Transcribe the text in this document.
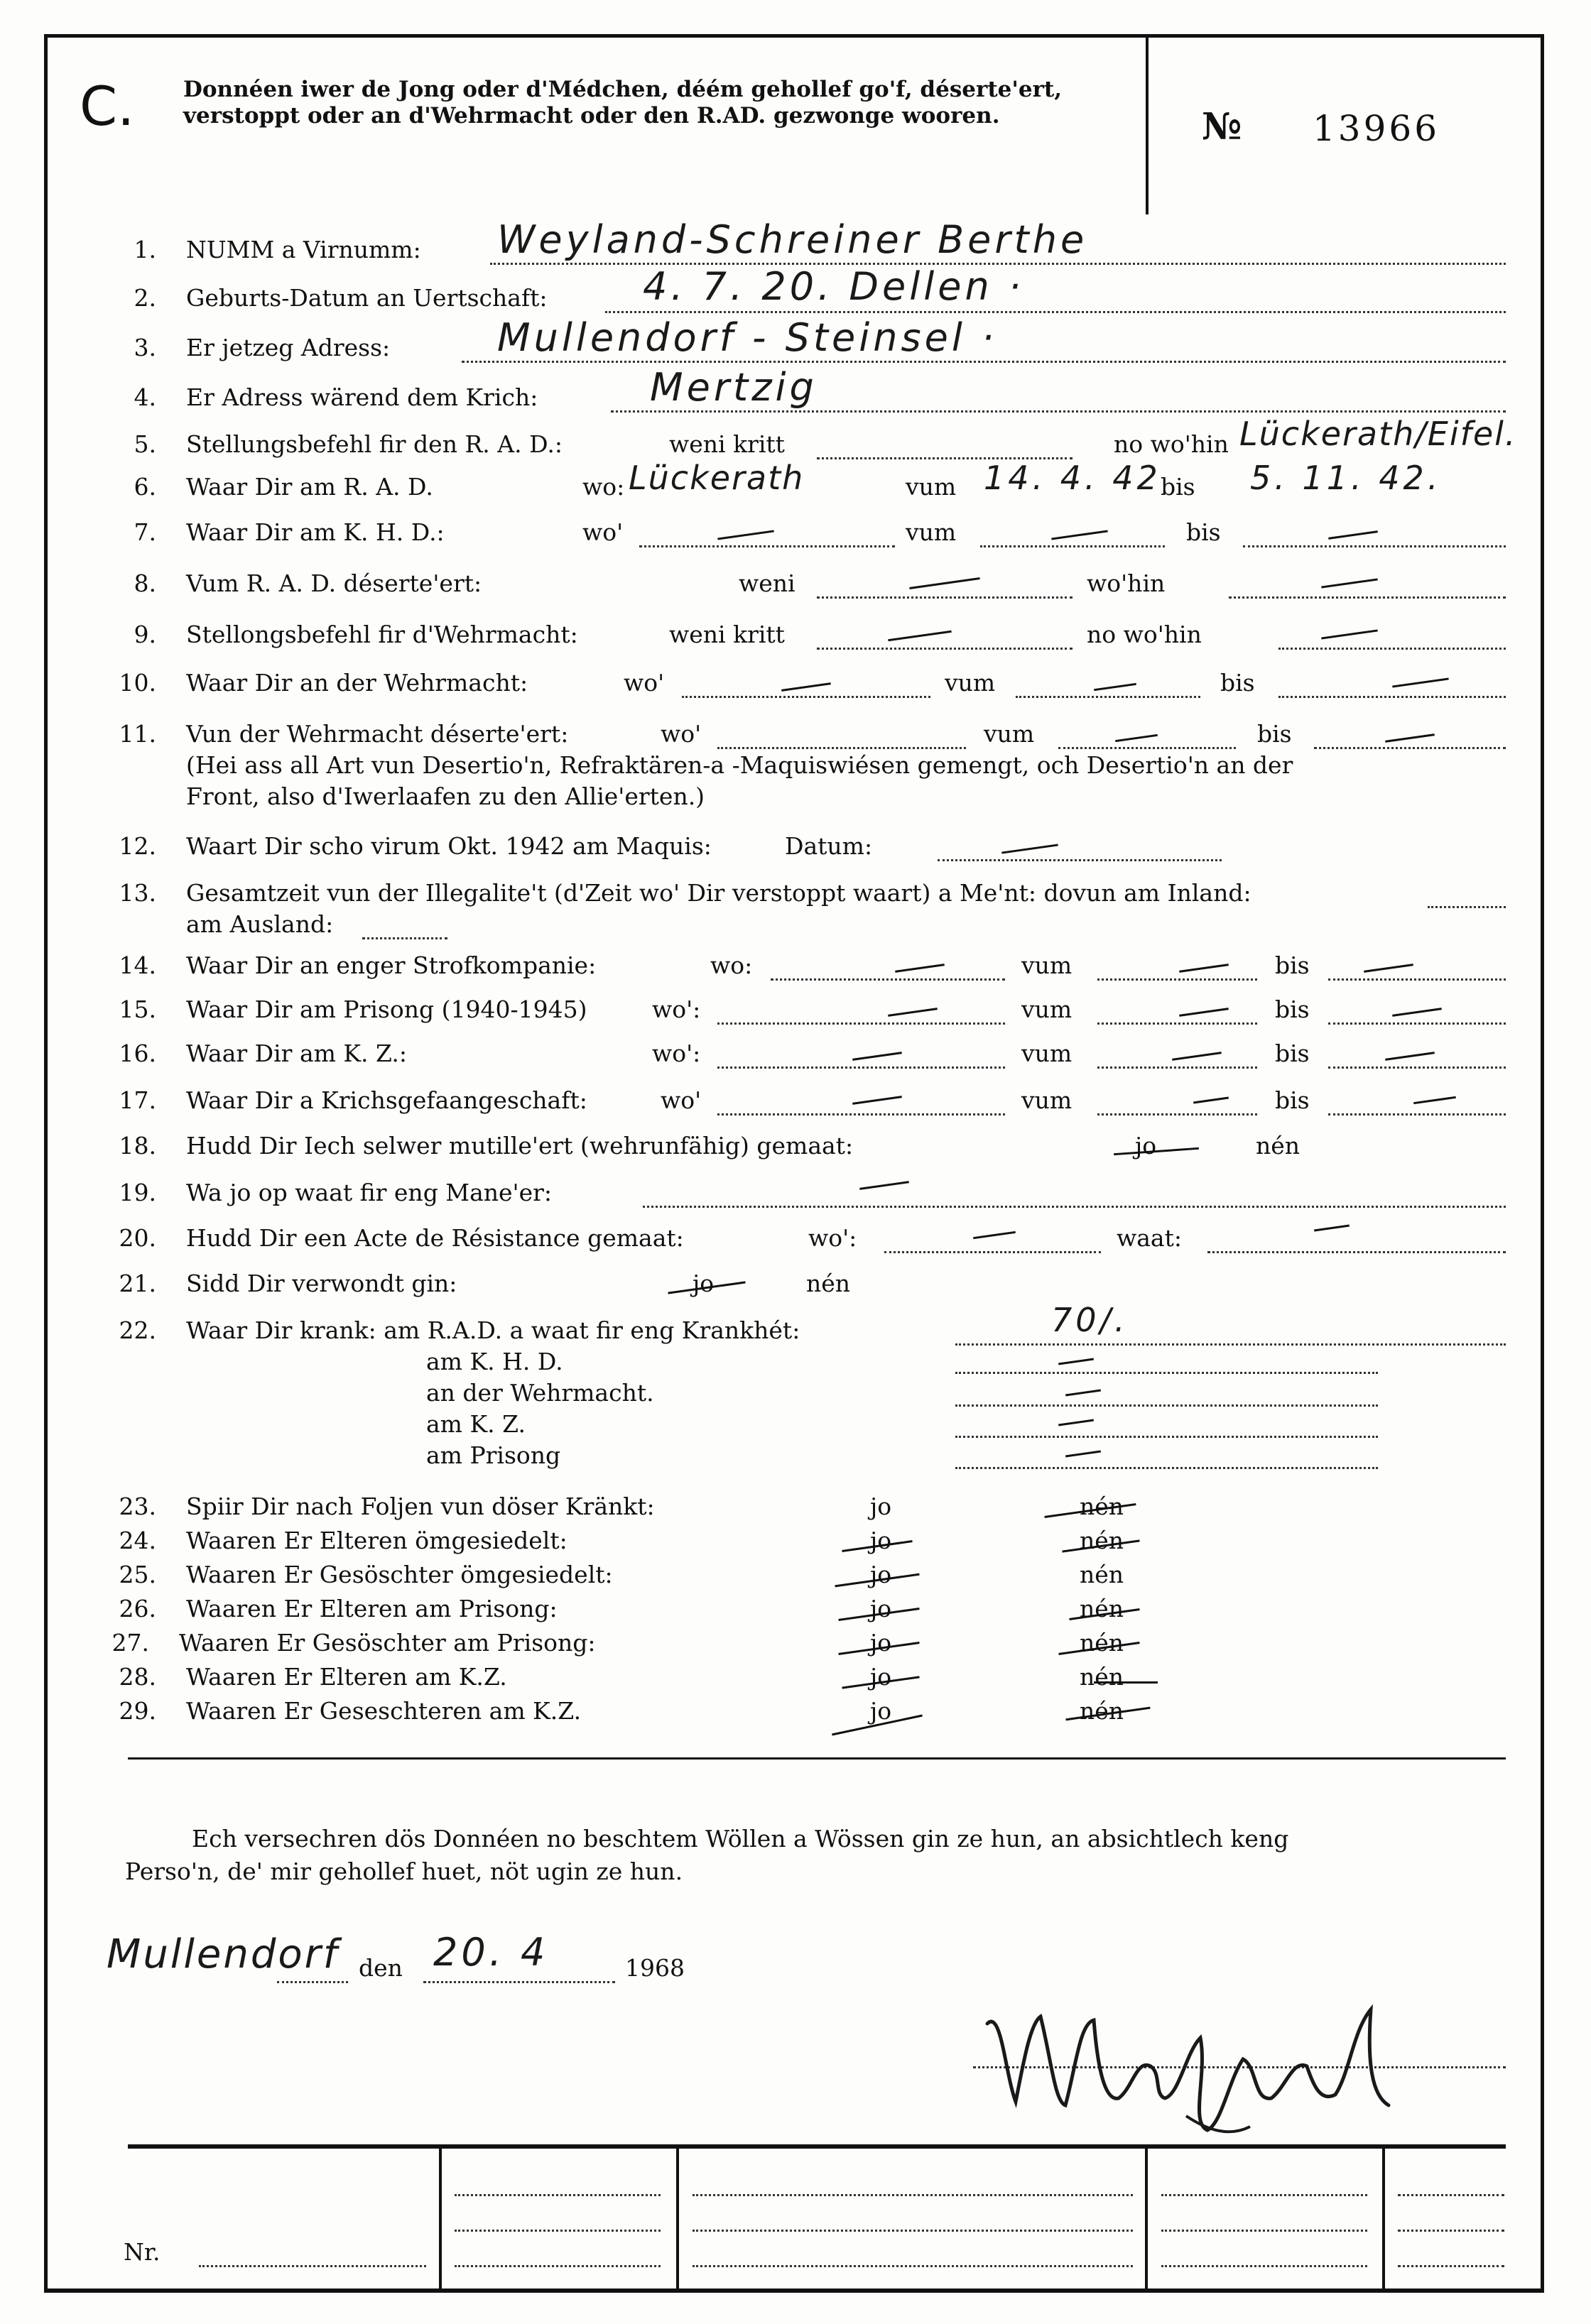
C. Donnéen iwer de Jong oder d'Médchen, déém gehollef go'f, déserte'ert, verstoppt oder an d'Wehrmacht oder den R.AD. gezwonge wooren.	№ 13966
1. NUMM a Virnumm: Weyland-Schreiner Berthe
2. Geburts-Datum an Uertschaft: 4. 7. 20. Dellen ·
3. Er jetzeg Adress:	Mullendorf - Steinsel ·
4. Er Adress wärend dem Krich:	Mertzig
5. Stellungsbefehl fir den R. A. D.:	weni kritt	no wo'hin Lückerath/Eifel.
6. Waar Dir am R. A. D.	wo: Lückerath	vum 14. 4. 42 bis 5. 11. 42.
7. Waar Dir am K. H. D.:	wo'	vum	bis
8. Vum R. A. D. déserte'ert:	weni	wo'hin
9. Stellongsbefehl fir d'Wehrmacht:	weni kritt	no wo'hin
10. Waar Dir an der Wehrmacht:	wo'	vum	bis
11. Vun der Wehrmacht déserte'ert:	wo'	vum	bis
(Hei ass all Art vun Desertio'n, Refraktären-a -Maquiswiésen gemengt, och Desertio'n an der
Front, also d'Iwerlaafen zu den Allie'erten.)
12. Waart Dir scho virum Okt. 1942 am Maquis:	Datum:
13. Gesamtzeit vun der Illegalite't (d'Zeit wo' Dir verstoppt waart) a Me'nt: dovun am Inland:
am Ausland:
14. Waar Dir an enger Strofkompanie:	wo:	vum	bis
15. Waar Dir am Prisong (1940-1945)	wo':	vum	bis
16. Waar Dir am K. Z.:	wo':	vum	bis
17. Waar Dir a Krichsgefaangeschaft:	wo'	vum	bis
18. Hudd Dir Iech selwer mutille'ert (wehrunfähig) gemaat:	jo	nén
19. Wa jo op waat fir eng Mane'er:
20. Hudd Dir een Acte de Résistance gemaat:	wo':	waat:
21. Sidd Dir verwondt gin:	jo	nén
22. Waar Dir krank: am R.A.D. a waat fir eng Krankhét:	70/.
am K. H. D.
an der Wehrmacht.
am K. Z.
am Prisong
23. Spiir Dir nach Foljen vun döser Kränkt:	jo	nén
24. Waaren Er Elteren ömgesiedelt:	jo	nén
25. Waaren Er Gesöschter ömgesiedelt:	jo	nén
26. Waaren Er Elteren am Prisong:	jo	nén
27. Waaren Er Gesöschter am Prisong:	jo	nén
28. Waaren Er Elteren am K.Z.	jo	nén
29. Waaren Er Geseschteren am K.Z.	jo	nén
Ech versechren dös Donnéen no beschtem Wöllen a Wössen gin ze hun, an absichtlech keng
Perso'n, de' mir gehollef huet, nöt ugin ze hun.
Mullendorf den 20. 4	1968
Nr.
